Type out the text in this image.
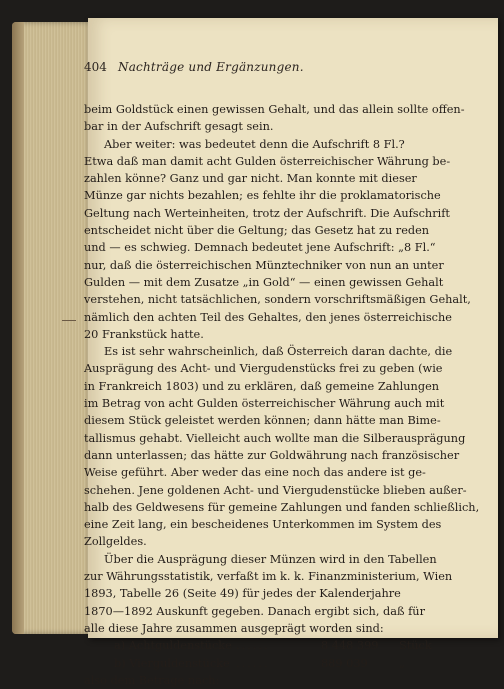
404 Nachträge und Ergänzungen.
beim Goldstück einen gewissen Gehalt, und das allein sollte offen-
bar in der Aufschrift gesagt sein.
Aber weiter: was bedeutet denn die Aufschrift 8 Fl.?
Etwa daß man damit acht Gulden österreichischer Währung be-
zahlen könne? Ganz und gar nicht. Man konnte mit dieser
Münze gar nichts bezahlen; es fehlte ihr die proklamatorische
Geltung nach Werteinheiten, trotz der Aufschrift. Die Aufschrift
entscheidet nicht über die Geltung; das Gesetz hat zu reden
und — es schwieg. Demnach bedeutet jene Aufschrift: „8 Fl.“
nur, daß die österreichischen Münztechniker von nun an unter
Gulden — mit dem Zusatze „in Gold“ — einen gewissen Gehalt
verstehen, nicht tatsächlichen, sondern vorschriftsmäßigen Gehalt,
nämlich den achten Teil des Gehaltes, den jenes österreichische
20 Frankstück hatte.
Es ist sehr wahrscheinlich, daß Österreich daran dachte, die
Ausprägung des Acht- und Viergudenstücks frei zu geben (wie
in Frankreich 1803) und zu erklären, daß gemeine Zahlungen
im Betrag von acht Gulden österreichischer Währung auch mit
diesem Stück geleistet werden können; dann hätte man Bime-
tallismus gehabt. Vielleicht auch wollte man die Silberausprägung
dann unterlassen; das hätte zur Goldwährung nach französischer
Weise geführt. Aber weder das eine noch das andere ist ge-
schehen. Jene goldenen Acht- und Viergudenstücke blieben außer-
halb des Geldwesens für gemeine Zahlungen und fanden schließlich,
eine Zeit lang, ein bescheidenes Unterkommen im System des
Zollgeldes.
Über die Ausprägung dieser Münzen wird in den Tabellen
zur Währungsstatistik, verfaßt im k. k. Finanzministerium, Wien
1893, Tabelle 26 (Seite 49) für jedes der Kalenderjahre
1870—1892 Auskunft gegeben. Danach ergibt sich, daß für
alle diese Jahre zusammen ausgeprägt worden sind:
a) Achtguldenstücke ......	8 448 399 Stück
b) Vierguldenstücke ......	889 039	„
also dem Betrage nach:
